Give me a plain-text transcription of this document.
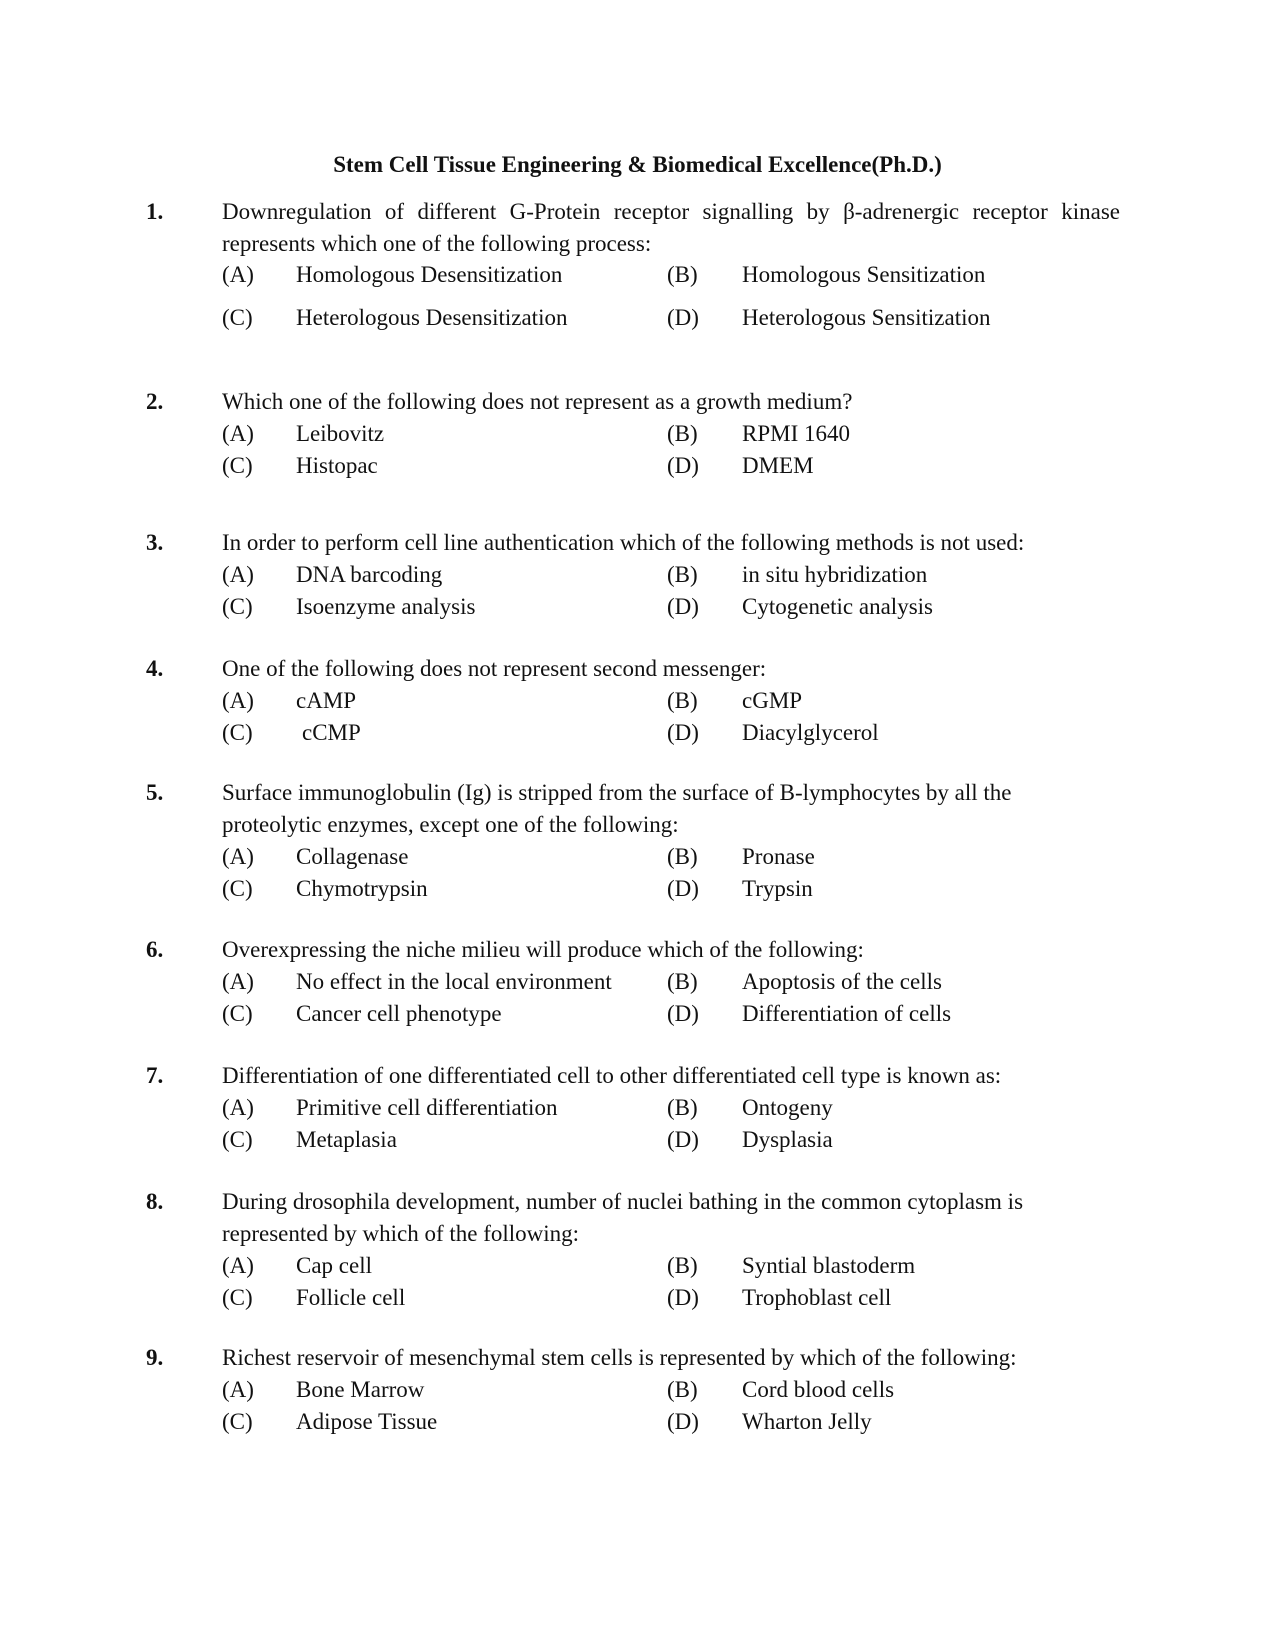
Stem Cell Tissue Engineering & Biomedical Excellence(Ph.D.)
1.	Downregulation of different G-Protein receptor signalling by β-adrenergic receptor kinase represents which one of the following process:
(A) Homologous Desensitization	(B) Homologous Sensitization
(C) Heterologous Desensitization	(D) Heterologous Sensitization
2.	Which one of the following does not represent as a growth medium?
(A) Leibovitz	(B) RPMI 1640
(C) Histopac	(D) DMEM
3.	In order to perform cell line authentication which of the following methods is not used:
(A) DNA barcoding	(B) in situ hybridization
(C) Isoenzyme analysis	(D) Cytogenetic analysis
4.	One of the following does not represent second messenger:
(A) cAMP	(B) cGMP
(C) cCMP	(D) Diacylglycerol
5.	Surface immunoglobulin (Ig) is stripped from the surface of B-lymphocytes by all the proteolytic enzymes, except one of the following:
(A) Collagenase	(B) Pronase
(C) Chymotrypsin	(D) Trypsin
6.	Overexpressing the niche milieu will produce which of the following:
(A) No effect in the local environment (B) Apoptosis of the cells
(C) Cancer cell phenotype	(D) Differentiation of cells
7.	Differentiation of one differentiated cell to other differentiated cell type is known as:
(A) Primitive cell differentiation	(B) Ontogeny
(C) Metaplasia	(D) Dysplasia
8.	During drosophila development, number of nuclei bathing in the common cytoplasm is represented by which of the following:
(A) Cap cell	(B) Syntial blastoderm
(C) Follicle cell	(D) Trophoblast cell
9.	Richest reservoir of mesenchymal stem cells is represented by which of the following:
(A) Bone Marrow	(B) Cord blood cells
(C) Adipose Tissue	(D) Wharton Jelly
